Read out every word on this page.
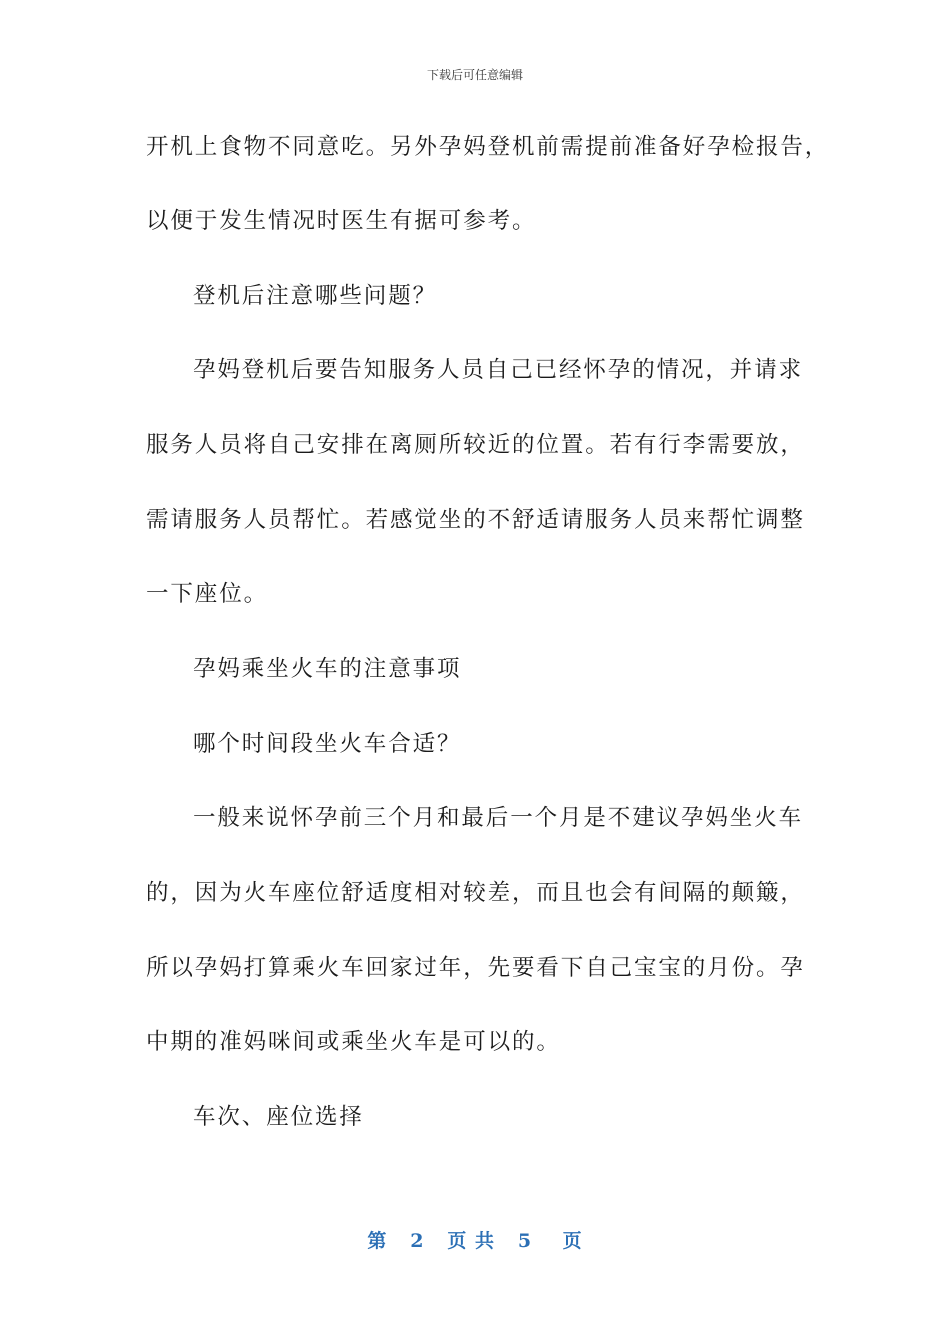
下载后可任意编辑
开机上食物不同意吃。另外孕妈登机前需提前准备好孕检报告，
以便于发生情况时医生有据可参考。
登机后注意哪些问题？
孕妈登机后要告知服务人员自己已经怀孕的情况，并请求
服务人员将自己安排在离厕所较近的位置。若有行李需要放，
需请服务人员帮忙。若感觉坐的不舒适请服务人员来帮忙调整
一下座位。
孕妈乘坐火车的注意事项
哪个时间段坐火车合适？
一般来说怀孕前三个月和最后一个月是不建议孕妈坐火车
的，因为火车座位舒适度相对较差，而且也会有间隔的颠簸，
所以孕妈打算乘火车回家过年，先要看下自己宝宝的月份。孕
中期的准妈咪间或乘坐火车是可以的。
车次、座位选择
第 2 页 共 5 页
